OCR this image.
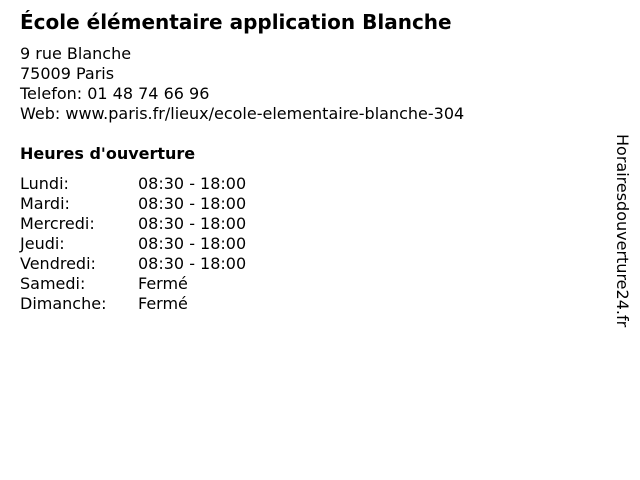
École élémentaire application Blanche
9 rue Blanche
75009 Paris
Telefon: 01 48 74 66 96
Web: www.paris.fr/lieux/ecole-elementaire-blanche-304
Heures d'ouverture
Lundi:	08:30 - 18:00
Mardi:	08:30 - 18:00
Mercredi:	08:30 - 18:00
Jeudi:	08:30 - 18:00
Vendredi:	08:30 - 18:00
Samedi:	Fermé
Dimanche: Fermé	Horairesdouverture24.fr
